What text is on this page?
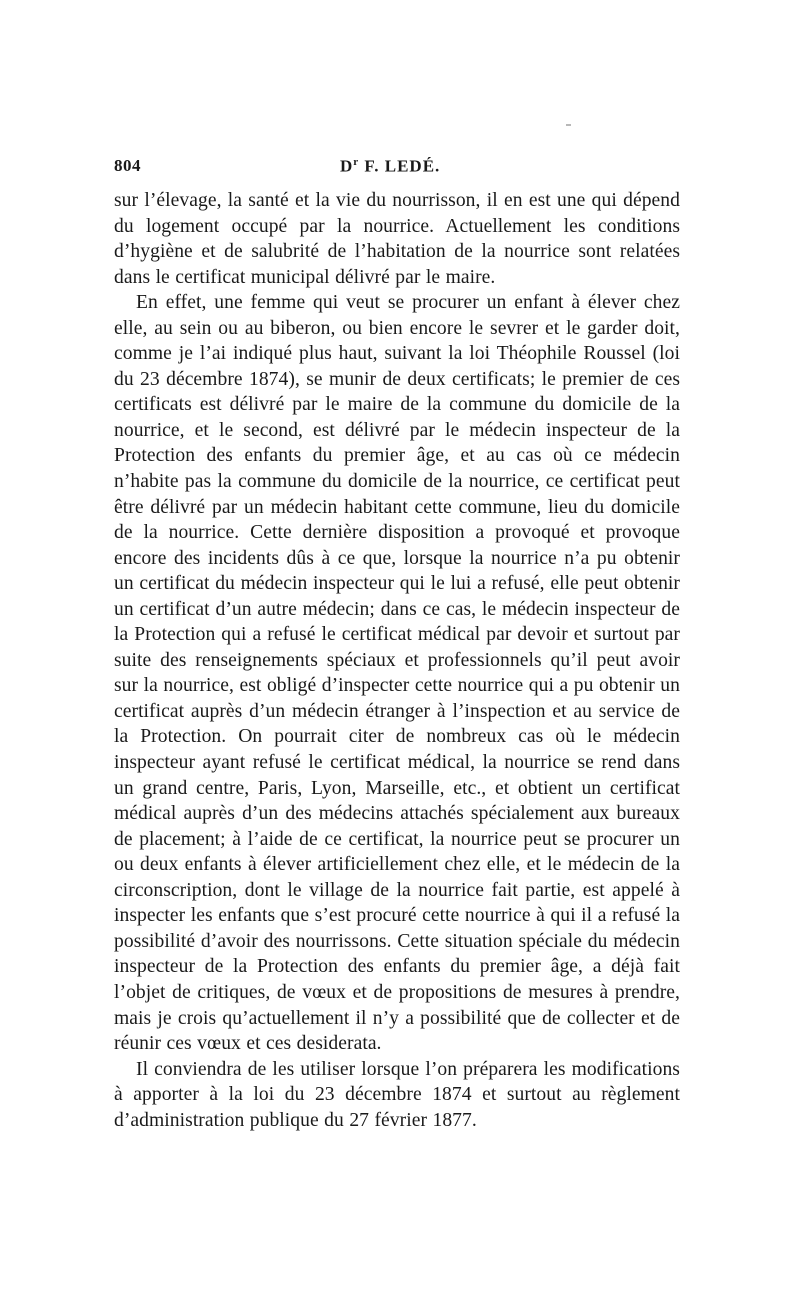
804	$D^r$ F. LEDÉ.

sur l’élevage, la santé et la vie du nourrisson, il en est une qui dépend du logement occupé par la nourrice. Actuellement les conditions d’hygiène et de salubrité de l’habitation de la nourrice sont relatées dans le certificat municipal délivré par le maire.

En effet, une femme qui veut se procurer un enfant à élever chez elle, au sein ou au biberon, ou bien encore le sevrer et le garder doit, comme je l’ai indiqué plus haut, suivant la loi Théophile Roussel (loi du 23 décembre 1874), se munir de deux certificats; le premier de ces certificats est délivré par le maire de la commune du domicile de la nourrice, et le second, est délivré par le médecin inspecteur de la Protection des enfants du premier âge, et au cas où ce médecin n’habite pas la commune du domicile de la nourrice, ce certificat peut être délivré par un médecin habitant cette commune, lieu du domicile de la nourrice. Cette dernière disposition a provoqué et provoque encore des incidents dûs à ce que, lorsque la nourrice n’a pu obtenir un certificat du médecin inspecteur qui le lui a refusé, elle peut obtenir un certificat d’un autre médecin; dans ce cas, le médecin inspecteur de la Protection qui a refusé le certificat médical par devoir et surtout par suite des renseignements spéciaux et professionnels qu’il peut avoir sur la nourrice, est obligé d’inspecter cette nourrice qui a pu obtenir un certificat auprès d’un médecin étranger à l’inspection et au service de la Protection. On pourrait citer de nombreux cas où le médecin inspecteur ayant refusé le certificat médical, la nourrice se rend dans un grand centre, Paris, Lyon, Marseille, etc., et obtient un certificat médical auprès d’un des médecins attachés spécialement aux bureaux de placement; à l’aide de ce certificat, la nourrice peut se procurer un ou deux enfants à élever artificiellement chez elle, et le médecin de la circonscription, dont le village de la nourrice fait partie, est appelé à inspecter les enfants que s’est procuré cette nourrice à qui il a refusé la possibilité d’avoir des nourrissons. Cette situation spéciale du médecin inspecteur de la Protection des enfants du premier âge, a déjà fait l’objet de critiques, de vœux et de propositions de mesures à prendre, mais je crois qu’actuellement il n’y a possibilité que de collecter et de réunir ces vœux et ces desiderata.

Il conviendra de les utiliser lorsque l’on préparera les modifications à apporter à la loi du 23 décembre 1874 et surtout au règlement d’administration publique du 27 février 1877.
